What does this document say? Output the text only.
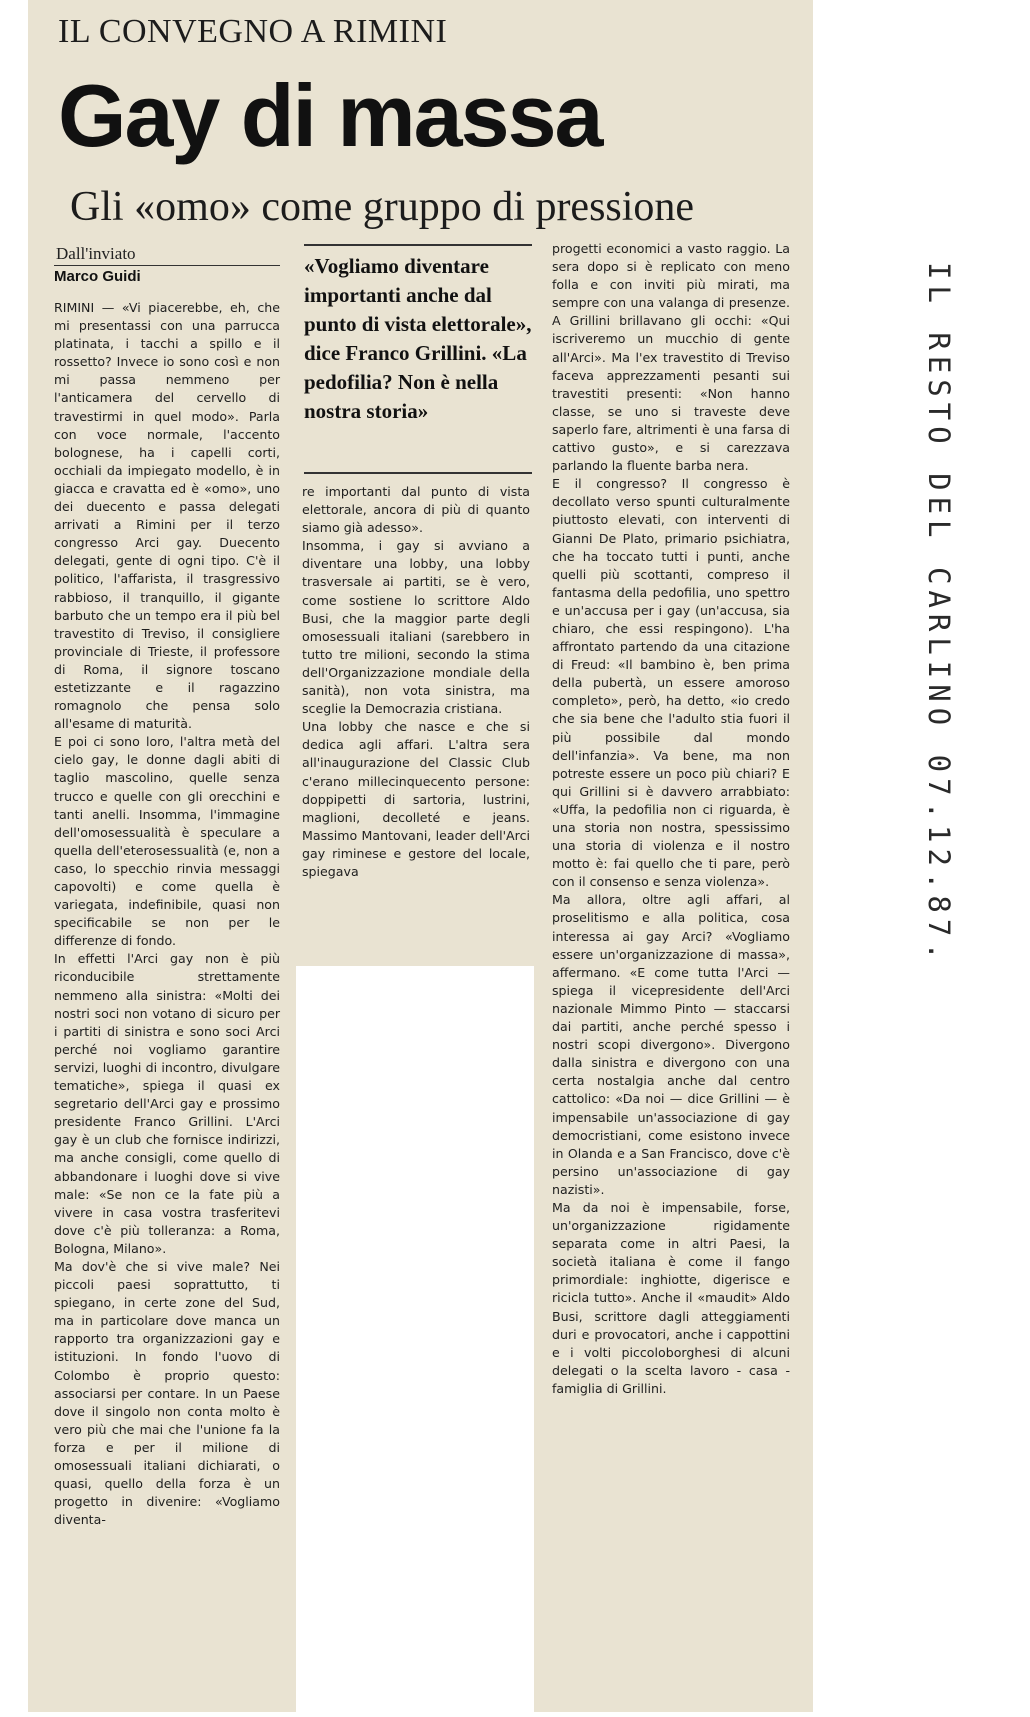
IL CONVEGNO A RIMINI
Gay di massa
Gli «omo» come gruppo di pressione
Dall'inviato
Marco Guidi

RIMINI — «Vi piacerebbe, eh, che mi presentassi con una parrucca platinata, i tacchi a spillo e il rossetto? Invece io sono così e non mi passa nemmeno per l'anticamera del cervello di travestirmi in quel modo». Parla con voce normale, l'accento bolognese, ha i capelli corti, occhiali da impiegato modello, è in giacca e cravatta ed è «omo», uno dei duecento e passa delegati arrivati a Rimini per il terzo congresso Arci gay. Duecento delegati, gente di ogni tipo. C'è il politico, l'affarista, il trasgressivo rabbioso, il tranquillo, il gigante barbuto che un tempo era il più bel travestito di Treviso, il consigliere provinciale di Trieste, il professore di Roma, il signore toscano estetizzante e il ragazzino romagnolo che pensa solo all'esame di maturità.

E poi ci sono loro, l'altra metà del cielo gay, le donne dagli abiti di taglio mascolino, quelle senza trucco e quelle con gli orecchini e tanti anelli. Insomma, l'immagine dell'omosessualità è speculare a quella dell'eterosessualità (e, non a caso, lo specchio rinvia messaggi capovolti) e come quella è variegata, indefinibile, quasi non specificabile se non per le differenze di fondo.

In effetti l'Arci gay non è più riconducibile strettamente nemmeno alla sinistra: «Molti dei nostri soci non votano di sicuro per i partiti di sinistra e sono soci Arci perché noi vogliamo garantire servizi, luoghi di incontro, divulgare tematiche», spiega il quasi ex segretario dell'Arci gay e prossimo presidente Franco Grillini. L'Arci gay è un club che fornisce indirizzi, ma anche consigli, come quello di abbandonare i luoghi dove si vive male: «Se non ce la fate più a vivere in casa vostra trasferitevi dove c'è più tolleranza: a Roma, Bologna, Milano».

Ma dov'è che si vive male? Nei piccoli paesi soprattutto, ti spiegano, in certe zone del Sud, ma in particolare dove manca un rapporto tra organizzazioni gay e istituzioni. In fondo l'uovo di Colombo è proprio questo: associarsi per contare. In un Paese dove il singolo non conta molto è vero più che mai che l'unione fa la forza e per il milione di omosessuali italiani dichiarati, o quasi, quello della forza è un progetto in divenire: «Vogliamo diventa-

«Vogliamo diventare importanti anche dal punto di vista elettorale», dice Franco Grillini. «La pedofilia? Non è nella nostra storia»

re importanti dal punto di vista elettorale, ancora di più di quanto siamo già adesso».

Insomma, i gay si avviano a diventare una lobby, una lobby trasversale ai partiti, se è vero, come sostiene lo scrittore Aldo Busi, che la maggior parte degli omosessuali italiani (sarebbero in tutto tre milioni, secondo la stima dell'Organizzazione mondiale della sanità), non vota sinistra, ma sceglie la Democrazia cristiana.

Una lobby che nasce e che si dedica agli affari. L'altra sera all'inaugurazione del Classic Club c'erano millecinquecento persone: doppipetti di sartoria, lustrini, maglioni, decolleté e jeans. Massimo Mantovani, leader dell'Arci gay riminese e gestore del locale, spiegava

progetti economici a vasto raggio. La sera dopo si è replicato con meno folla e con inviti più mirati, ma sempre con una valanga di presenze. A Grillini brillavano gli occhi: «Qui iscriveremo un mucchio di gente all'Arci». Ma l'ex travestito di Treviso faceva apprezzamenti pesanti sui travestiti presenti: «Non hanno classe, se uno si traveste deve saperlo fare, altrimenti è una farsa di cattivo gusto», e si carezzava parlando la fluente barba nera.

E il congresso? Il congresso è decollato verso spunti culturalmente piuttosto elevati, con interventi di Gianni De Plato, primario psichiatra, che ha toccato tutti i punti, anche quelli più scottanti, compreso il fantasma della pedofilia, uno spettro e un'accusa per i gay (un'accusa, sia chiaro, che essi respingono). L'ha affrontato partendo da una citazione di Freud: «Il bambino è, ben prima della pubertà, un essere amoroso completo», però, ha detto, «io credo che sia bene che l'adulto stia fuori il più possibile dal mondo dell'infanzia». Va bene, ma non potreste essere un poco più chiari? E qui Grillini si è davvero arrabbiato: «Uffa, la pedofilia non ci riguarda, è una storia non nostra, spessissimo una storia di violenza e il nostro motto è: fai quello che ti pare, però con il consenso e senza violenza».

Ma allora, oltre agli affari, al proselitismo e alla politica, cosa interessa ai gay Arci? «Vogliamo essere un'organizzazione di massa», affermano. «E come tutta l'Arci — spiega il vicepresidente dell'Arci nazionale Mimmo Pinto — staccarsi dai partiti, anche perché spesso i nostri scopi divergono». Divergono dalla sinistra e divergono con una certa nostalgia anche dal centro cattolico: «Da noi — dice Grillini — è impensabile un'associazione di gay democristiani, come esistono invece in Olanda e a San Francisco, dove c'è persino un'associazione di gay nazisti».

Ma da noi è impensabile, forse, un'organizzazione rigidamente separata come in altri Paesi, la società italiana è come il fango primordiale: inghiotte, digerisce e ricicla tutto». Anche il «maudit» Aldo Busi, scrittore dagli atteggiamenti duri e provocatori, anche i cappottini e i volti piccoloborghesi di alcuni delegati o la scelta lavoro - casa - famiglia di Grillini.

IL RESTO DEL CARLINO 07.12.87.
